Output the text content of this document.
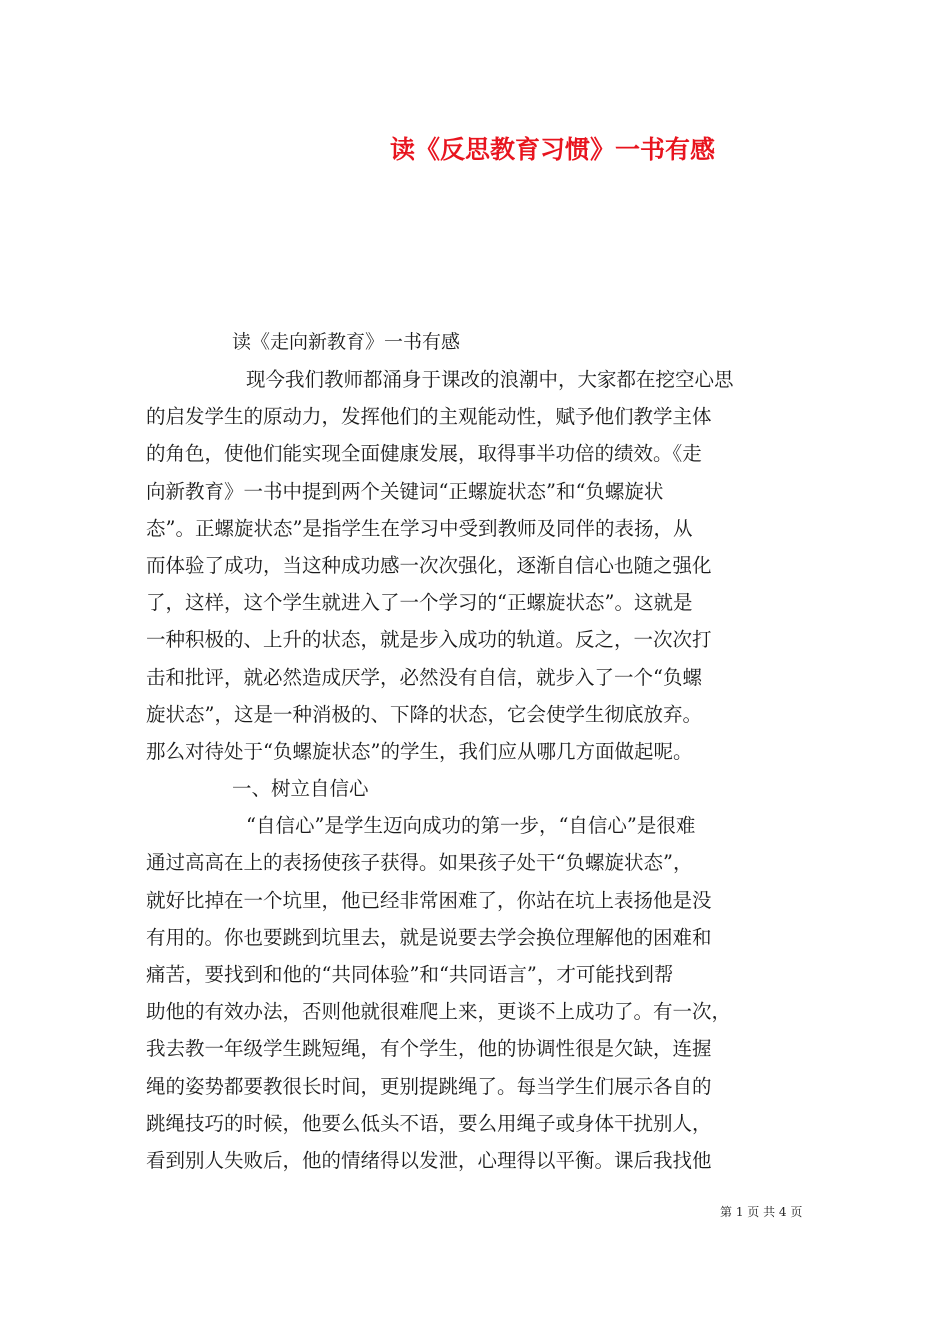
读《反思教育习惯》一书有感
读《走向新教育》一书有感
现今我们教师都涌身于课改的浪潮中，大家都在挖空心思
的启发学生的原动力，发挥他们的主观能动性，赋予他们教学主体
的角色，使他们能实现全面健康发展，取得事半功倍的绩效。《走
向新教育》一书中提到两个关键词“正螺旋状态”和“负螺旋状
态”。正螺旋状态”是指学生在学习中受到教师及同伴的表扬，从
而体验了成功，当这种成功感一次次强化，逐渐自信心也随之强化
了，这样，这个学生就进入了一个学习的“正螺旋状态”。这就是
一种积极的、上升的状态，就是步入成功的轨道。反之，一次次打
击和批评，就必然造成厌学，必然没有自信，就步入了一个“负螺
旋状态”，这是一种消极的、下降的状态，它会使学生彻底放弃。
那么对待处于“负螺旋状态”的学生，我们应从哪几方面做起呢。
一、树立自信心
“自信心”是学生迈向成功的第一步，“自信心”是很难
通过高高在上的表扬使孩子获得。如果孩子处干“负螺旋状态”，
就好比掉在一个坑里，他已经非常困难了，你站在坑上表扬他是没
有用的。你也要跳到坑里去，就是说要去学会换位理解他的困难和
痛苦，要找到和他的“共同体验”和“共同语言”，才可能找到帮
助他的有效办法，否则他就很难爬上来，更谈不上成功了。有一次，
我去教一年级学生跳短绳，有个学生，他的协调性很是欠缺，连握
绳的姿势都要教很长时间，更别提跳绳了。每当学生们展示各自的
跳绳技巧的时候，他要么低头不语，要么用绳子或身体干扰别人，
看到别人失败后，他的情绪得以发泄，心理得以平衡。课后我找他
第 1 页 共 4 页
